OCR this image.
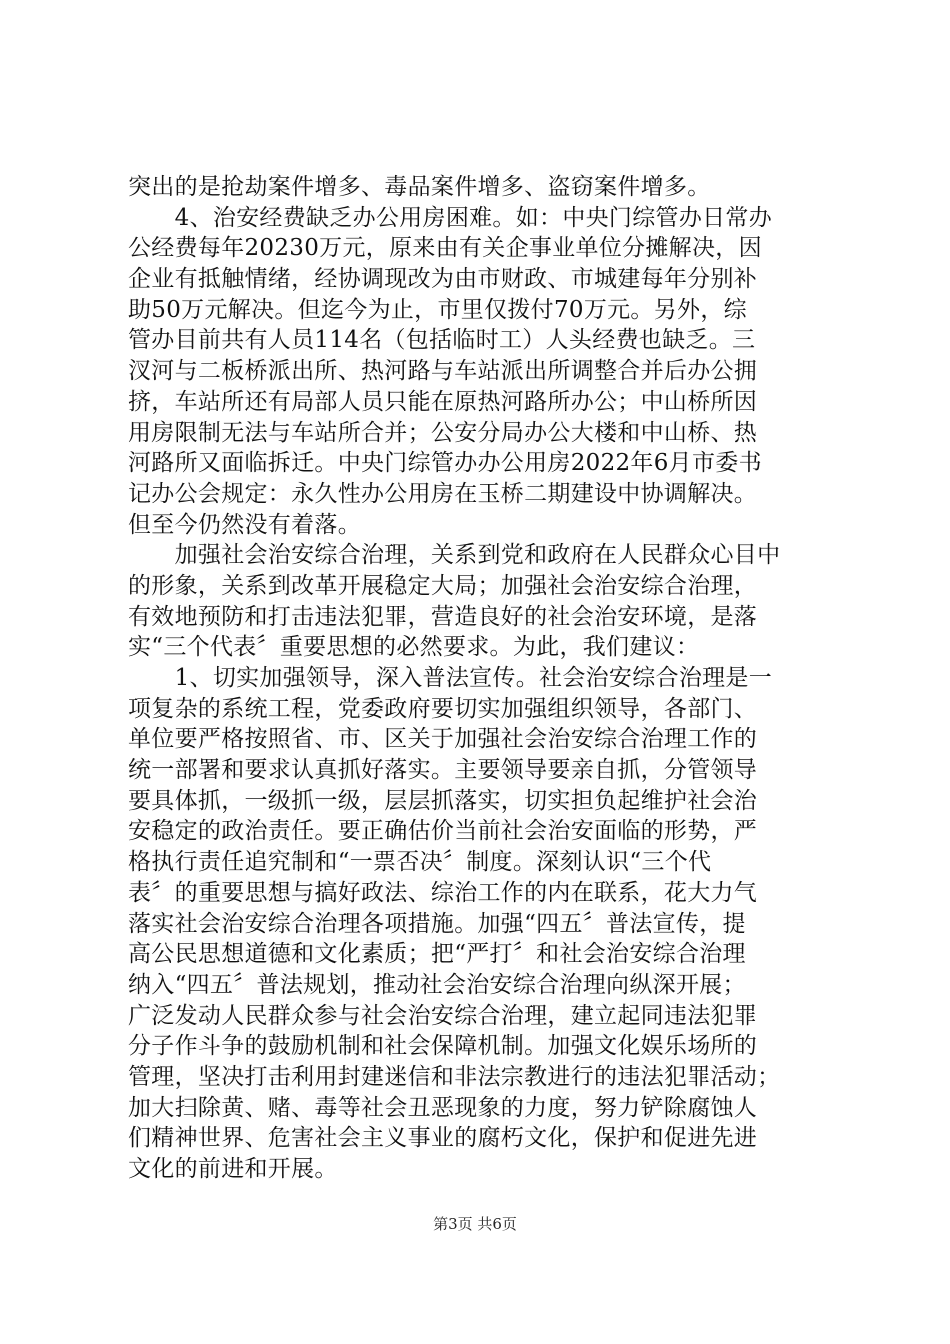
突出的是抢劫案件增多、毒品案件增多、盗窃案件增多。
　　4、治安经费缺乏办公用房困难。如：中央门综管办日常办
公经费每年20230万元，原来由有关企事业单位分摊解决，因
企业有抵触情绪，经协调现改为由市财政、市城建每年分别补
助50万元解决。但迄今为止，市里仅拨付70万元。另外，综
管办目前共有人员114名（包括临时工）人头经费也缺乏。三
汊河与二板桥派出所、热河路与车站派出所调整合并后办公拥
挤，车站所还有局部人员只能在原热河路所办公；中山桥所因
用房限制无法与车站所合并；公安分局办公大楼和中山桥、热
河路所又面临拆迁。中央门综管办办公用房2022年6月市委书
记办公会规定：永久性办公用房在玉桥二期建设中协调解决。
但至今仍然没有着落。
　　加强社会治安综合治理，关系到党和政府在人民群众心目中
的形象，关系到改革开展稳定大局；加强社会治安综合治理，
有效地预防和打击违法犯罪，营造良好的社会治安环境，是落
实“三个代表〞重要思想的必然要求。为此，我们建议：
　　1、切实加强领导，深入普法宣传。社会治安综合治理是一
项复杂的系统工程，党委政府要切实加强组织领导，各部门、
单位要严格按照省、市、区关于加强社会治安综合治理工作的
统一部署和要求认真抓好落实。主要领导要亲自抓，分管领导
要具体抓，一级抓一级，层层抓落实，切实担负起维护社会治
安稳定的政治责任。要正确估价当前社会治安面临的形势，严
格执行责任追究制和“一票否决〞制度。深刻认识“三个代
表〞的重要思想与搞好政法、综治工作的内在联系，花大力气
落实社会治安综合治理各项措施。加强“四五〞普法宣传，提
高公民思想道德和文化素质；把“严打〞和社会治安综合治理
纳入“四五〞普法规划，推动社会治安综合治理向纵深开展；
广泛发动人民群众参与社会治安综合治理，建立起同违法犯罪
分子作斗争的鼓励机制和社会保障机制。加强文化娱乐场所的
管理，坚决打击利用封建迷信和非法宗教进行的违法犯罪活动；
加大扫除黄、赌、毒等社会丑恶现象的力度，努力铲除腐蚀人
们精神世界、危害社会主义事业的腐朽文化，保护和促进先进
文化的前进和开展。
第3页 共6页
